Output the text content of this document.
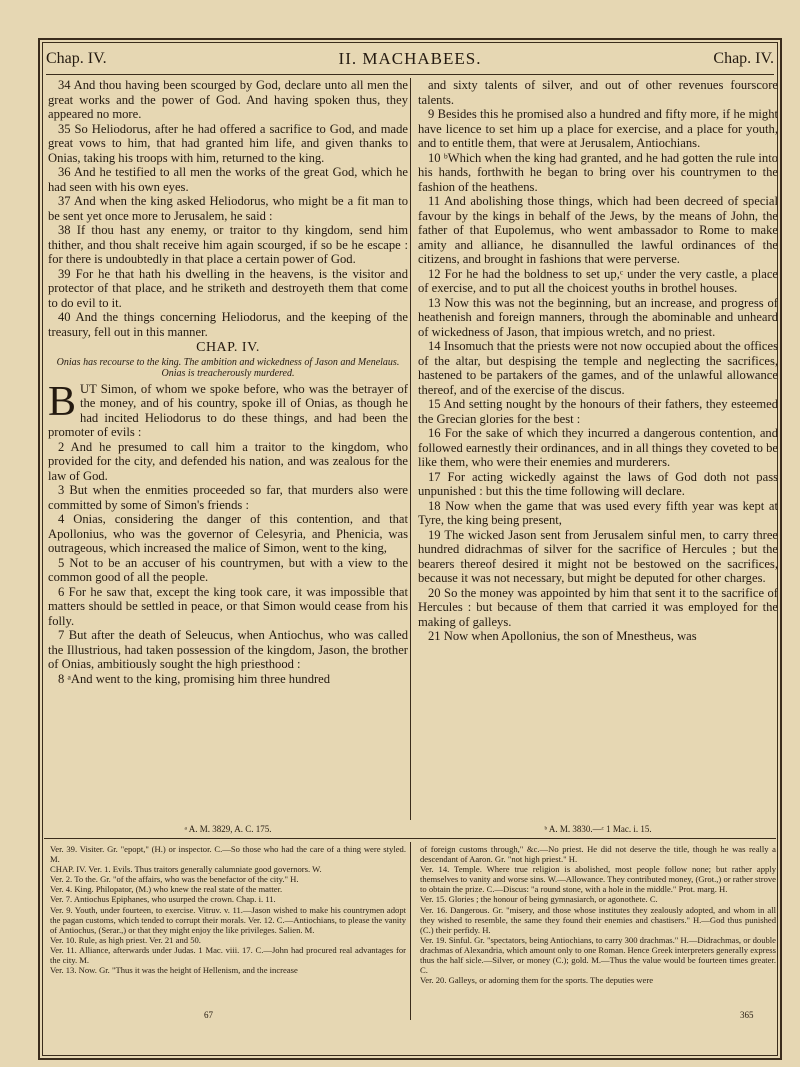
Chap. IV.	II. MACHABEES.	Chap. IV.

34 And thou having been scourged by God, declare unto all men the great works and the power of God. And having spoken thus, they appeared no more.

35 So Heliodorus, after he had offered a sacrifice to God, and made great vows to him, that had granted him life, and given thanks to Onias, taking his troops with him, returned to the king.

36 And he testified to all men the works of the great God, which he had seen with his own eyes.

37 And when the king asked Heliodorus, who might be a fit man to be sent yet once more to Jerusalem, he said :

38 If thou hast any enemy, or traitor to thy kingdom, send him thither, and thou shalt receive him again scourged, if so be he escape : for there is undoubtedly in that place a certain power of God.

39 For he that hath his dwelling in the heavens, is the visitor and protector of that place, and he striketh and destroyeth them that come to do evil to it.

40 And the things concerning Heliodorus, and the keeping of the treasury, fell out in this manner.

CHAP. IV.
Onias has recourse to the king. The ambition and wickedness of Jason and Menelaus. Onias is treacherously murdered.

BUT Simon, of whom we spoke before, who was the betrayer of the money, and of his country, spoke ill of Onias, as though he had incited Heliodorus to do these things, and had been the promoter of evils :

2 And he presumed to call him a traitor to the kingdom, who provided for the city, and defended his nation, and was zealous for the law of God.

3 But when the enmities proceeded so far, that murders also were committed by some of Simon's friends :

4 Onias, considering the danger of this contention, and that Apollonius, who was the governor of Celesyria, and Phenicia, was outrageous, which increased the malice of Simon, went to the king,

5 Not to be an accuser of his countrymen, but with a view to the common good of all the people.

6 For he saw that, except the king took care, it was impossible that matters should be settled in peace, or that Simon would cease from his folly.

7 But after the death of Seleucus, when Antiochus, who was called the Illustrious, had taken possession of the kingdom, Jason, the brother of Onias, ambitiously sought the high priesthood :

8 ᵃAnd went to the king, promising him three hundred

and sixty talents of silver, and out of other revenues fourscore talents.

9 Besides this he promised also a hundred and fifty more, if he might have licence to set him up a place for exercise, and a place for youth, and to entitle them, that were at Jerusalem, Antiochians.

10 ᵇWhich when the king had granted, and he had gotten the rule into his hands, forthwith he began to bring over his countrymen to the fashion of the heathens.

11 And abolishing those things, which had been decreed of special favour by the kings in behalf of the Jews, by the means of John, the father of that Eupolemus, who went ambassador to Rome to make amity and alliance, he disannulled the lawful ordinances of the citizens, and brought in fashions that were perverse.

12 For he had the boldness to set up,ᶜ under the very castle, a place of exercise, and to put all the choicest youths in brothel houses.

13 Now this was not the beginning, but an increase, and progress of heathenish and foreign manners, through the abominable and unheard of wickedness of Jason, that impious wretch, and no priest.

14 Insomuch that the priests were not now occupied about the offices of the altar, but despising the temple and neglecting the sacrifices, hastened to be partakers of the games, and of the unlawful allowance thereof, and of the exercise of the discus.

15 And setting nought by the honours of their fathers, they esteemed the Grecian glories for the best :

16 For the sake of which they incurred a dangerous contention, and followed earnestly their ordinances, and in all things they coveted to be like them, who were their enemies and murderers.

17 For acting wickedly against the laws of God doth not pass unpunished : but this the time following will declare.

18 Now when the game that was used every fifth year was kept at Tyre, the king being present,

19 The wicked Jason sent from Jerusalem sinful men, to carry three hundred didrachmas of silver for the sacrifice of Hercules ; but the bearers thereof desired it might not be bestowed on the sacrifices, because it was not necessary, but might be deputed for other charges.

20 So the money was appointed by him that sent it to the sacrifice of Hercules : but because of them that carried it was employed for the making of galleys.

21 Now when Apollonius, the son of Mnestheus, was

ᵃ A. M. 3829, A. C. 175.	ᵇ A. M. 3830.—ᶜ 1 Mac. i. 15.

Ver. 39. Visiter. Gr. "epopt," (H.) or inspector. C.—So those who had the care of a thing were styled. M.

CHAP. IV. Ver. 1. Evils. Thus traitors generally calumniate good governors. W.

Ver. 2. To the. Gr. "of the affairs, who was the benefactor of the city." H.

Ver. 4. King. Philopator, (M.) who knew the real state of the matter.

Ver. 7. Antiochus Epiphanes, who usurped the crown. Chap. i. 11.

Ver. 9. Youth, under fourteen, to exercise. Vitruv. v. 11.—Jason wished to make his countrymen adopt the pagan customs, which tended to corrupt their morals. Ver. 12. C.—Antiochians, to please the vanity of Antiochus, (Serar.,) or that they might enjoy the like privileges. Salien. M.

Ver. 10. Rule, as high priest. Ver. 21 and 50.

Ver. 11. Alliance, afterwards under Judas. 1 Mac. viii. 17. C.—John had procured real advantages for the city. M.

Ver. 13. Now. Gr. "Thus it was the height of Hellenism, and the increase

of foreign customs through," &c.—No priest. He did not deserve the title, though he was really a descendant of Aaron. Gr. "not high priest." H.

Ver. 14. Temple. Where true religion is abolished, most people follow none; but rather apply themselves to vanity and worse sins. W.—Allowance. They contributed money, (Grot.,) or rather strove to obtain the prize. C.—Discus: "a round stone, with a hole in the middle." Prot. marg. H.

Ver. 15. Glories ; the honour of being gymnasiarch, or agonothete. C.

Ver. 16. Dangerous. Gr. "misery, and those whose institutes they zealously adopted, and whom in all they wished to resemble, the same they found their enemies and chastisers." H.—God thus punished (C.) their perfidy. H.

Ver. 19. Sinful. Gr. "spectators, being Antiochians, to carry 300 drachmas." H.—Didrachmas, or double drachmas of Alexandria, which amount only to one Roman. Hence Greek interpreters generally express thus the half sicle.—Silver, or money (C.); gold. M.—Thus the value would be fourteen times greater. C.

Ver. 20. Galleys, or adorning them for the sports. The deputies were

67	365
